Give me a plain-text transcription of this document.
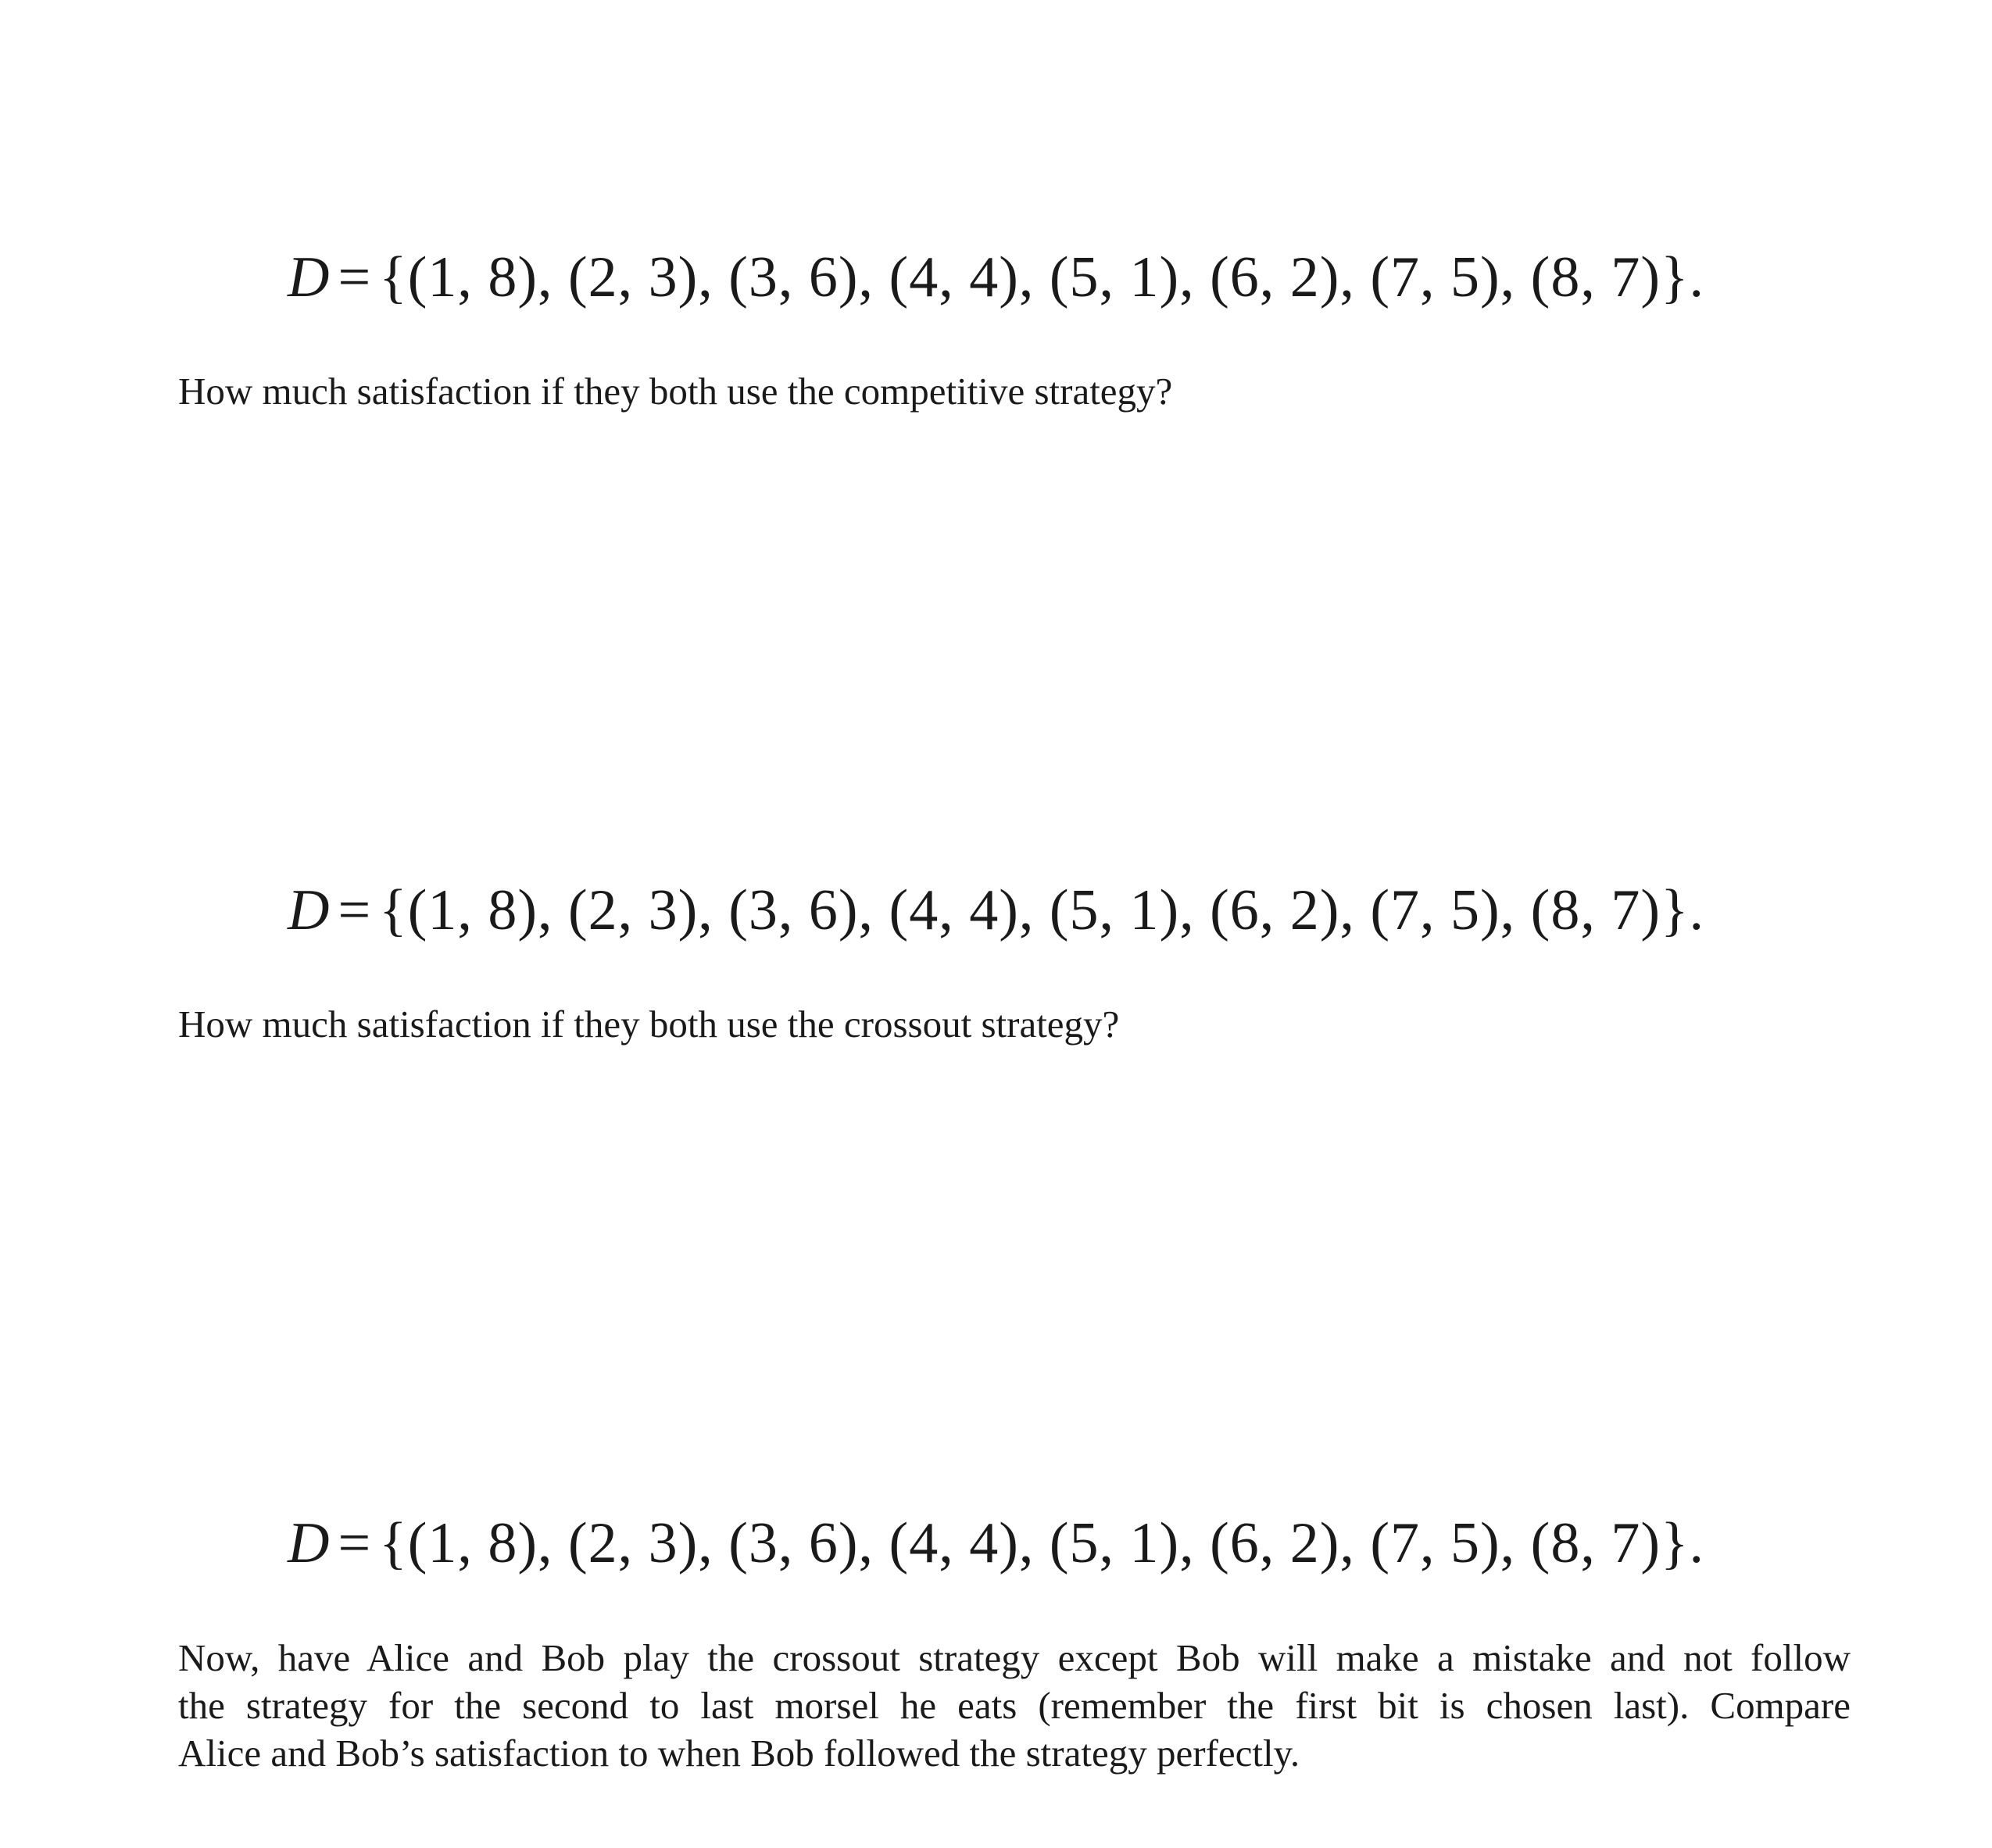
D = {(1, 8), (2, 3), (3, 6), (4, 4), (5, 1), (6, 2), (7, 5), (8, 7)}.
How much satisfaction if they both use the competitive strategy?
D = {(1, 8), (2, 3), (3, 6), (4, 4), (5, 1), (6, 2), (7, 5), (8, 7)}.
How much satisfaction if they both use the crossout strategy?
D = {(1, 8), (2, 3), (3, 6), (4, 4), (5, 1), (6, 2), (7, 5), (8, 7)}.
Now, have Alice and Bob play the crossout strategy except Bob will make a mistake and not follow
the strategy for the second to last morsel he eats (remember the first bit is chosen last). Compare
Alice and Bob’s satisfaction to when Bob followed the strategy perfectly.
